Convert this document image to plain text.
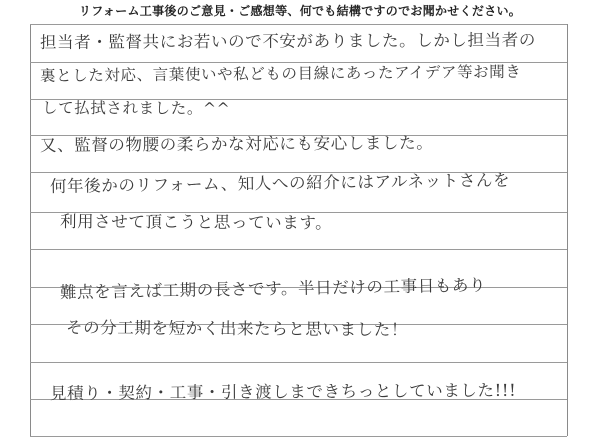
リフォーム工事後のご意見・ご感想等、何でも結構ですのでお聞かせください。
担当者・監督共にお若いので不安がありました。しかし担当者の
裏とした対応、言葉使いや私どもの目線にあったアイデア等お聞き
して払拭されました。^^
又、監督の物腰の柔らかな対応にも安心しました。
何年後かのリフォーム、知人への紹介にはアルネットさんを
利用させて頂こうと思っています。
難点を言えば工期の長さです。半日だけの工事日もあり
その分工期を短かく出来たらと思いました！
見積り・契約・工事・引き渡しまできちっとしていました!!!
